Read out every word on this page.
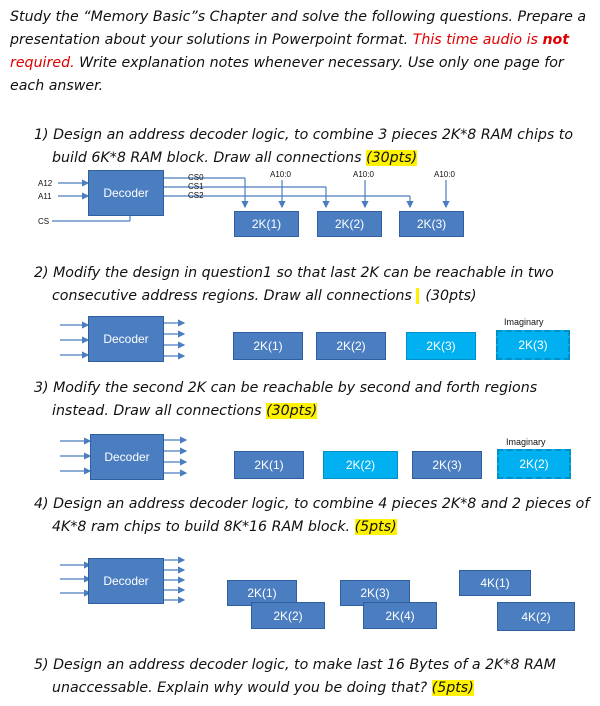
Study the “Memory Basic”s Chapter and solve the following questions. Prepare a
presentation about your solutions in Powerpoint format. This time audio is not
required. Write explanation notes whenever necessary. Use only one page for
each answer.
1) Design an address decoder logic, to combine 3 pieces 2K*8 RAM chips to
build 6K*8 RAM block. Draw all connections (30pts)
A12
A11
CS
Decoder
CS0
CS1
CS2
A10:0	A10:0	A10:0
2K(1)	2K(2)	2K(3)
2) Modify the design in question1 so that last 2K can be reachable in two
consecutive address regions. Draw all connections (30pts)
Decoder	2K(1)	2K(2)	2K(3)
Imaginary
2K(3)
3) Modify the second 2K can be reachable by second and forth regions
instead. Draw all connections (30pts)
Decoder
2K(1)	2K(2)	2K(3)
Imaginary
2K(2)
4) Design an address decoder logic, to combine 4 pieces 2K*8 and 2 pieces of
4K*8 ram chips to build 8K*16 RAM block. (5pts)
Decoder
2K(1)
2K(2)
2K(3)
2K(4)
4K(1)
4K(2)
5) Design an address decoder logic, to make last 16 Bytes of a 2K*8 RAM
unaccessable. Explain why would you be doing that? (5pts)
